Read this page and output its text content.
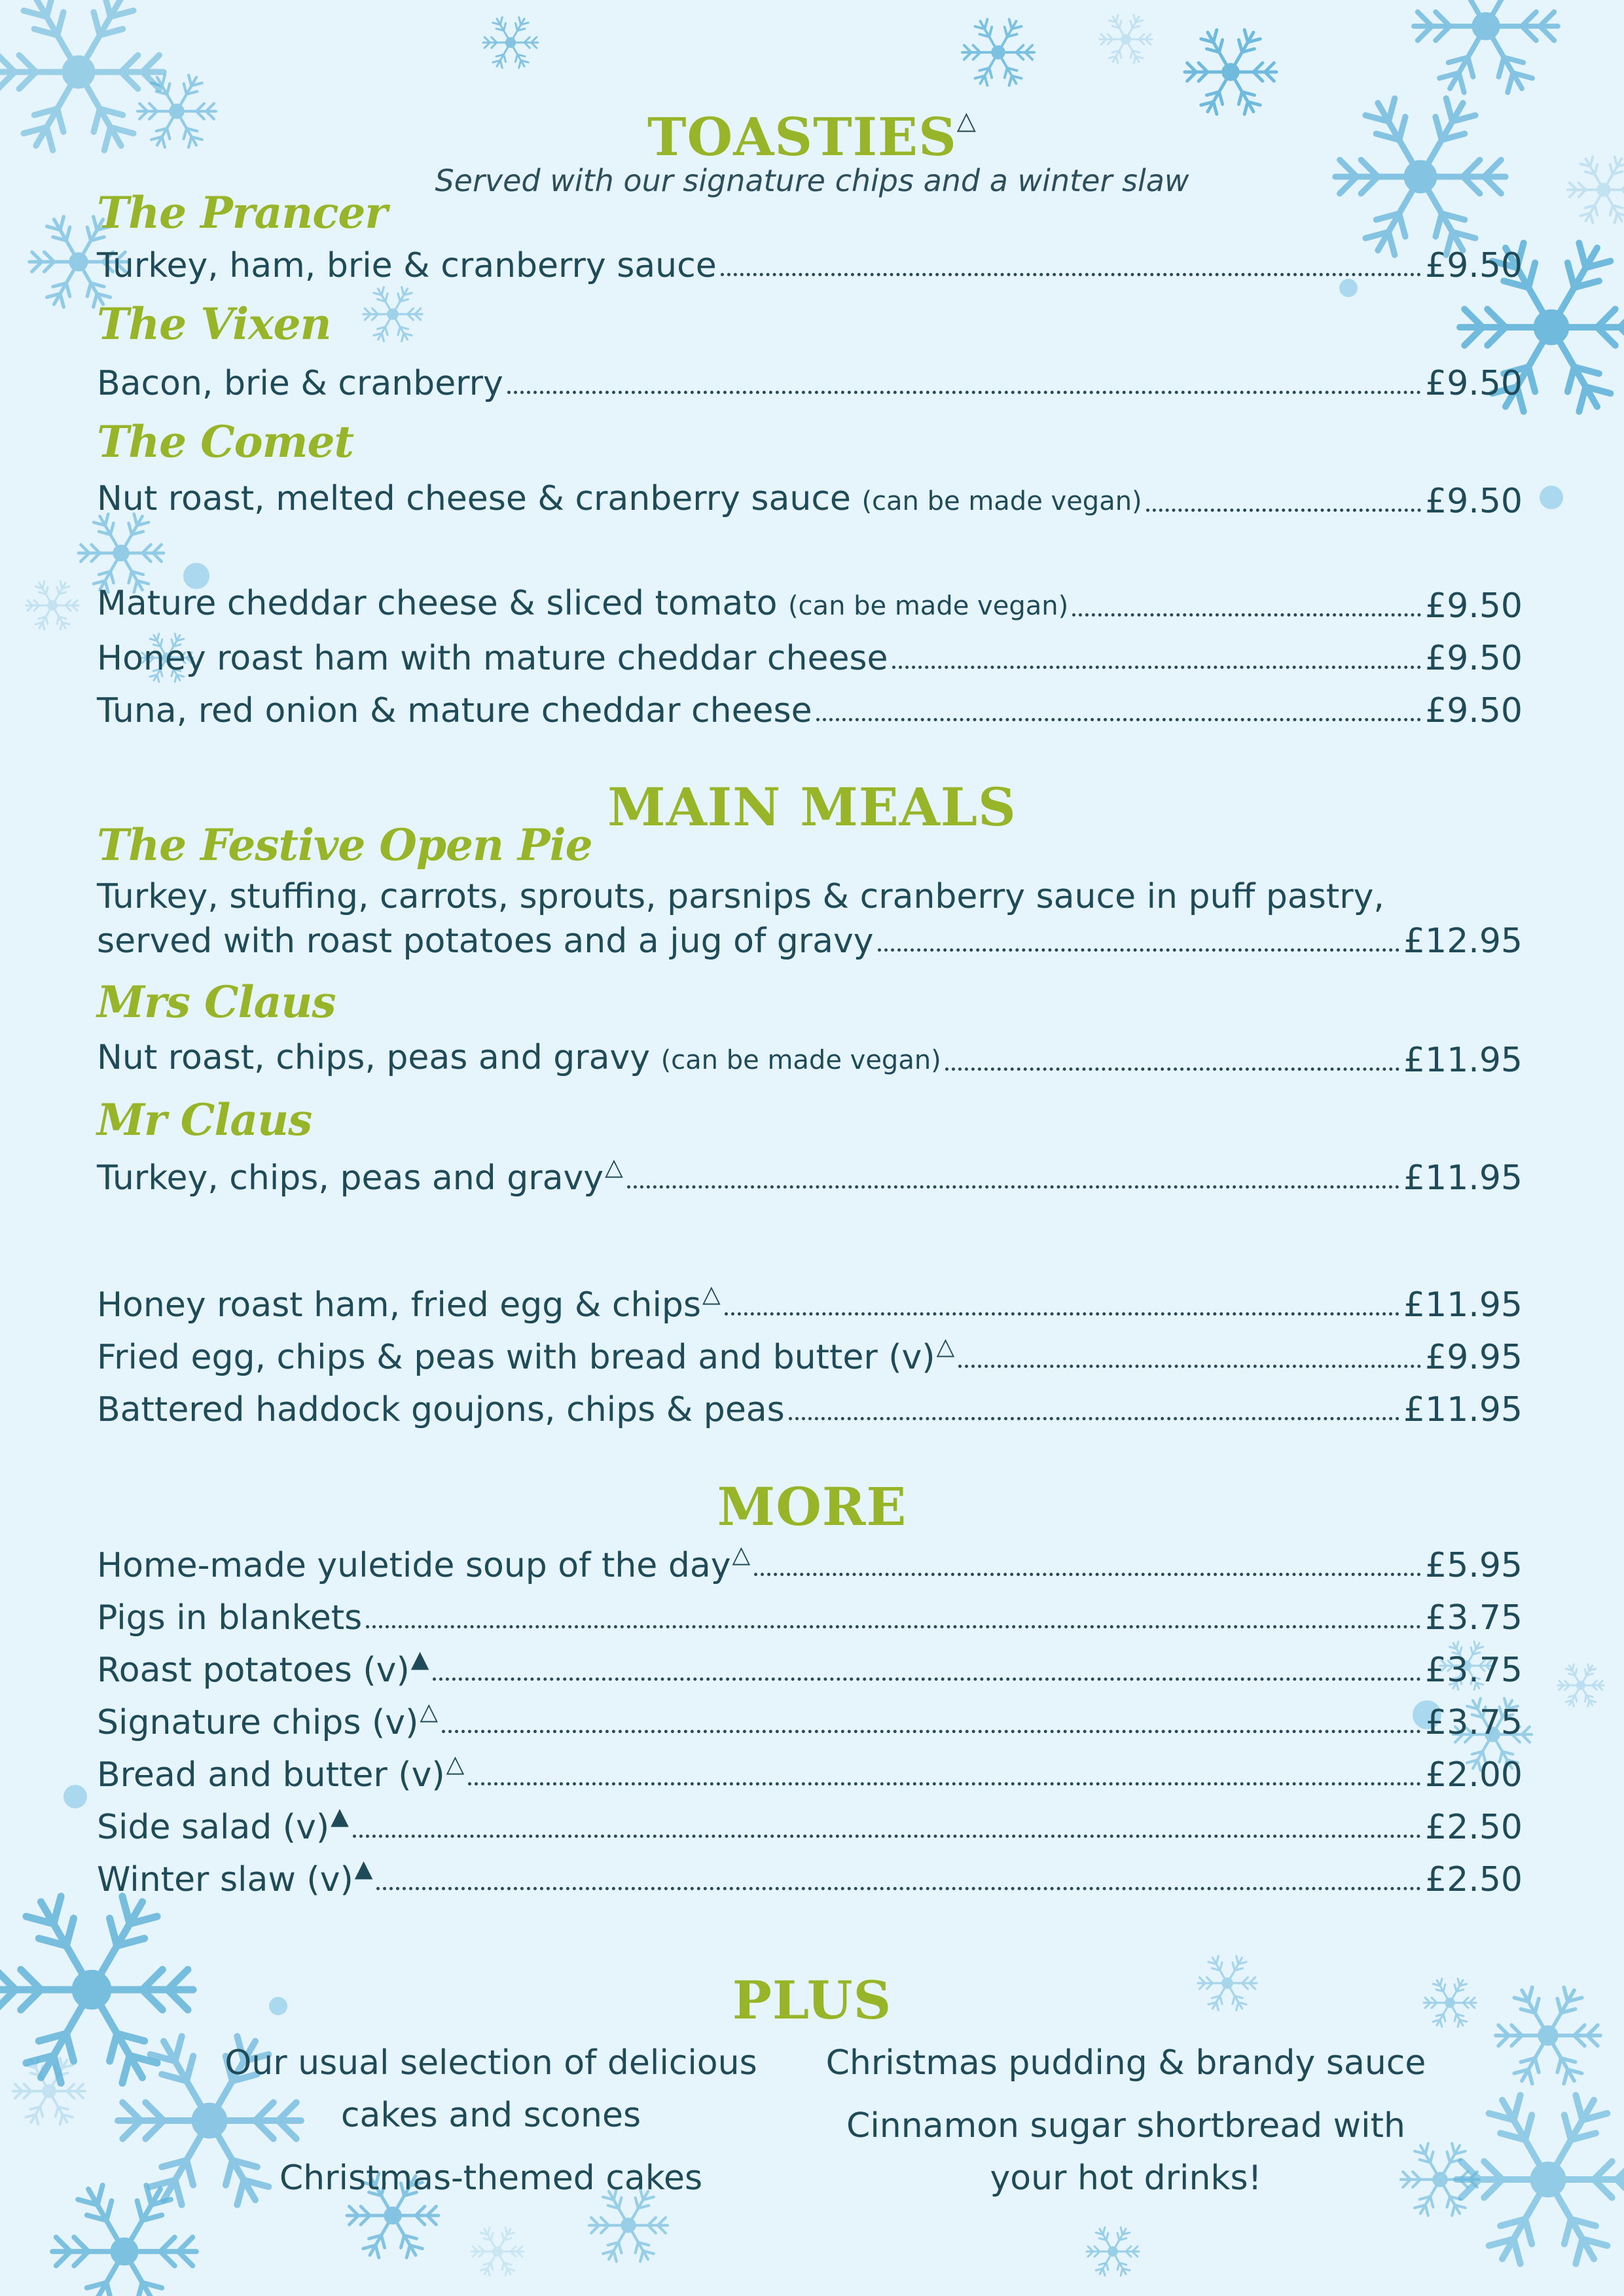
TOASTIES△
Served with our signature chips and a winter slaw
The Prancer
Turkey, ham, brie & cranberry sauce	£9.50
The Vixen
Bacon, brie & cranberry	£9.50
The Comet
Nut roast, melted cheese & cranberry sauce (can be made vegan)	£9.50
Mature cheddar cheese & sliced tomato (can be made vegan)	£9.50
Honey roast ham with mature cheddar cheese	£9.50
Tuna, red onion & mature cheddar cheese	£9.50
MAIN MEALS
The Festive Open Pie
Turkey, stuffing, carrots, sprouts, parsnips & cranberry sauce in puff pastry,
served with roast potatoes and a jug of gravy	£12.95
Mrs Claus
Nut roast, chips, peas and gravy (can be made vegan)	£11.95
Mr Claus
Turkey, chips, peas and gravy△	£11.95
Honey roast ham, fried egg & chips△	£11.95
Fried egg, chips & peas with bread and butter (v)△	£9.95
Battered haddock goujons, chips & peas	£11.95
MORE
Home-made yuletide soup of the day△	£5.95
Pigs in blankets	£3.75
Roast potatoes (v)▲	£3.75
Signature chips (v)△	£3.75
Bread and butter (v)△	£2.00
Side salad (v)▲	£2.50
Winter slaw (v)▲	£2.50
PLUS
Our usual selection of delicious
cakes and scones
Christmas-themed cakes
Christmas pudding & brandy sauce
Cinnamon sugar shortbread with
your hot drinks!
